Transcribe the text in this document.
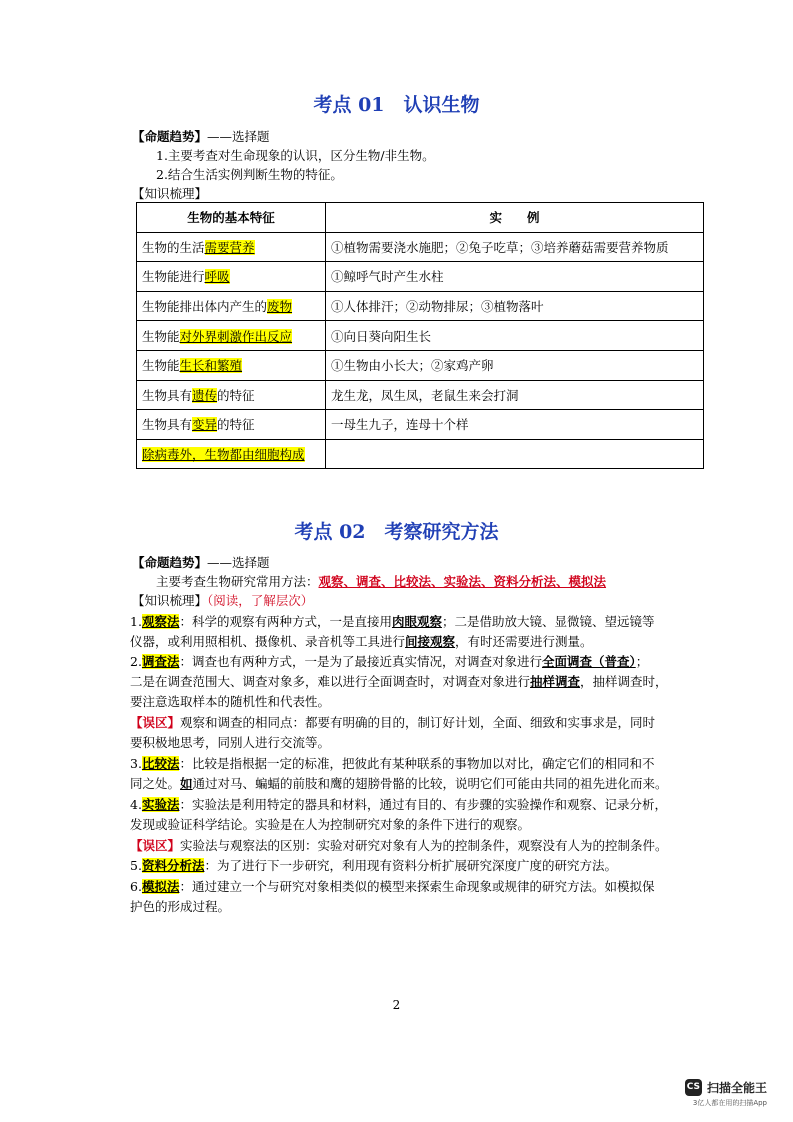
考点 01　认识生物
【命题趋势】——选择题
1.主要考查对生命现象的认识，区分生物/非生物。
2.结合生活实例判断生物的特征。
【知识梳理】
生物的基本特征	实　　例
生物的生活需要营养	①植物需要浇水施肥；②兔子吃草；③培养蘑菇需要营养物质
生物能进行呼吸	①鲸呼气时产生水柱
生物能排出体内产生的废物	①人体排汗；②动物排尿；③植物落叶
生物能对外界刺激作出反应	①向日葵向阳生长
生物能生长和繁殖	①生物由小长大；②家鸡产卵
生物具有遗传的特征	龙生龙，凤生凤，老鼠生来会打洞
生物具有变异的特征	一母生九子，连母十个样
除病毒外，生物都由细胞构成	
考点 02　考察研究方法
【命题趋势】——选择题
主要考查生物研究常用方法：观察、调查、比较法、实验法、资料分析法、模拟法
【知识梳理】（阅读，了解层次）
1.观察法：科学的观察有两种方式，一是直接用肉眼观察；二是借助放大镜、显微镜、望远镜等
仪器，或利用照相机、摄像机、录音机等工具进行间接观察，有时还需要进行测量。
2.调查法：调查也有两种方式，一是为了最接近真实情况，对调查对象进行全面调查（普查）；
二是在调查范围大、调查对象多，难以进行全面调查时，对调查对象进行抽样调查，抽样调查时，
要注意选取样本的随机性和代表性。
【误区】观察和调查的相同点：都要有明确的目的，制订好计划，全面、细致和实事求是，同时
要积极地思考，同别人进行交流等。
3.比较法：比较是指根据一定的标准，把彼此有某种联系的事物加以对比，确定它们的相同和不
同之处。如通过对马、蝙蝠的前肢和鹰的翅膀骨骼的比较，说明它们可能由共同的祖先进化而来。
4.实验法：实验法是利用特定的器具和材料，通过有目的、有步骤的实验操作和观察、记录分析，
发现或验证科学结论。实验是在人为控制研究对象的条件下进行的观察。
【误区】实验法与观察法的区别：实验对研究对象有人为的控制条件，观察没有人为的控制条件。
5.资料分析法：为了进行下一步研究，利用现有资料分析扩展研究深度广度的研究方法。
6.模拟法：通过建立一个与研究对象相类似的模型来探索生命现象或规律的研究方法。如模拟保
护色的形成过程。
2
CS 扫描全能王
3亿人都在用的扫描App
